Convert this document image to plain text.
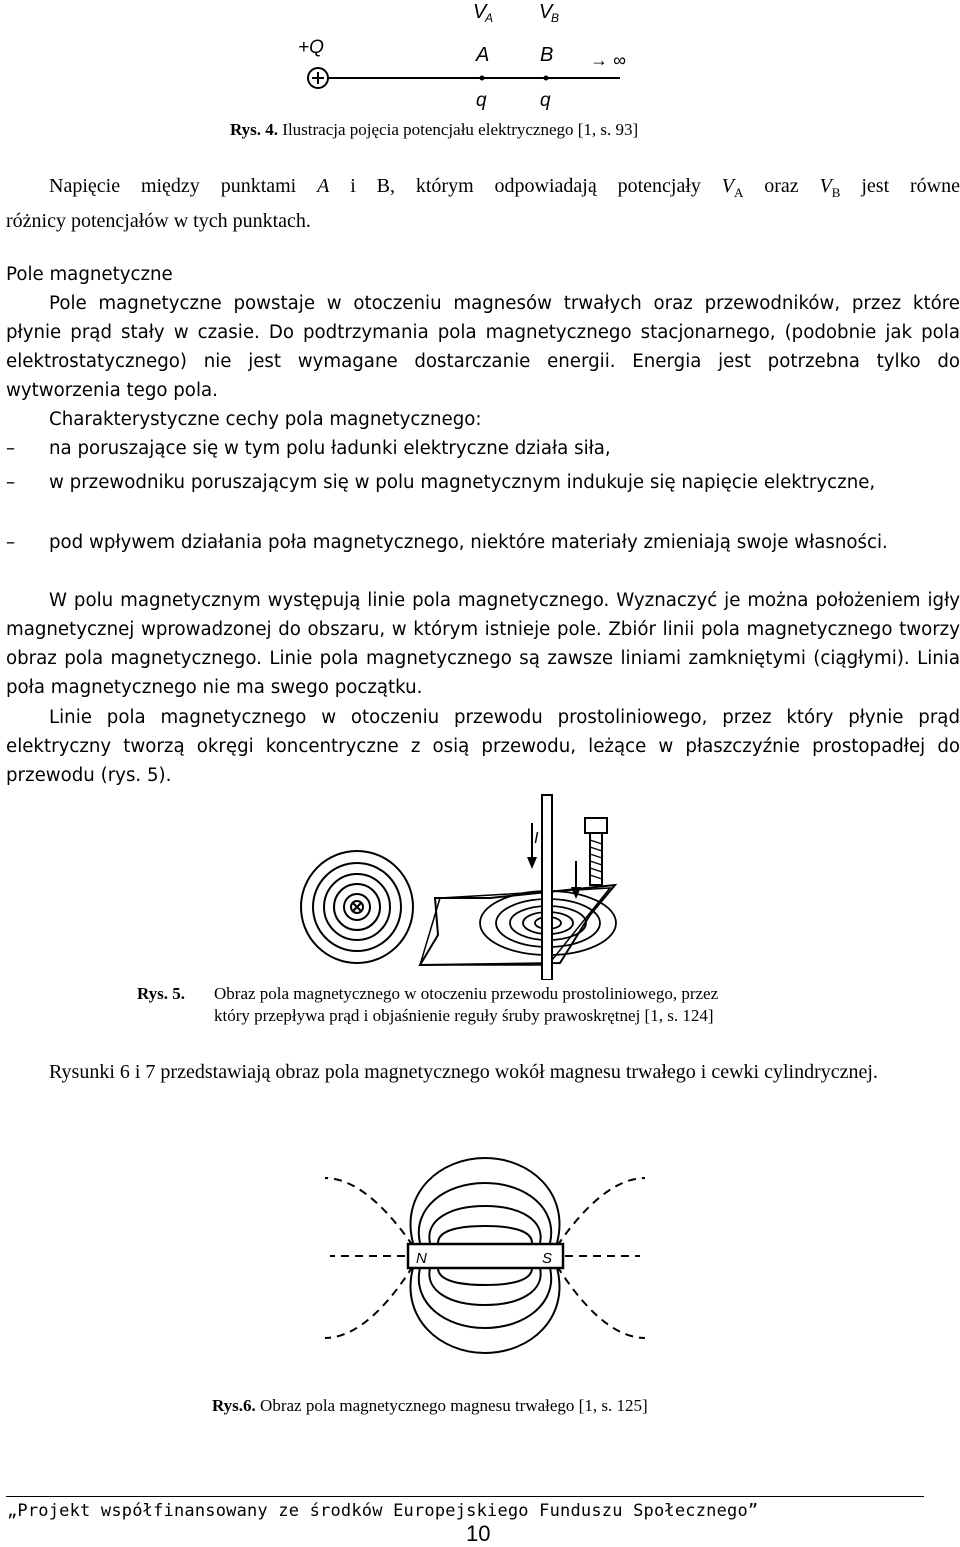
V
A V
B
+Q	A	B → ∞
q	q
Rys. 4. Ilustracja pojęcia potencjału elektrycznego [1, s. 93]
Napięcie między punktami A i B, którym odpowiadają potencjały $V_A$ oraz $V_B$ jest równe
różnicy potencjałów w tych punktach.
Pole magnetyczne
Pole magnetyczne powstaje w otoczeniu magnesów trwałych oraz przewodników, przez które płynie prąd stały w czasie. Do podtrzymania pola magnetycznego stacjonarnego, (podobnie jak pola elektrostatycznego) nie jest wymagane dostarczanie energii. Energia jest potrzebna tylko do wytworzenia tego pola.
Charakterystyczne cechy pola magnetycznego:
– na poruszające się w tym polu ładunki elektryczne działa siła,
– w przewodniku poruszającym się w polu magnetycznym indukuje się napięcie elektryczne,
– pod wpływem działania poła magnetycznego, niektóre materiały zmieniają swoje własności.
W polu magnetycznym występują linie pola magnetycznego. Wyznaczyć je można położeniem igły magnetycznej wprowadzonej do obszaru, w którym istnieje pole. Zbiór linii pola magnetycznego tworzy obraz pola magnetycznego. Linie pola magnetycznego są zawsze liniami zamkniętymi (ciągłymi). Linia poła magnetycznego nie ma swego początku.
Linie pola magnetycznego w otoczeniu przewodu prostoliniowego, przez który płynie prąd elektryczny tworzą okręgi koncentryczne z osią przewodu, leżące w płaszczyźnie prostopadłej do przewodu (rys. 5).
I
Rys. 5. Obraz pola magnetycznego w otoczeniu przewodu prostoliniowego, przez
który przepływa prąd i objaśnienie reguły śruby prawoskrętnej [1, s. 124]
Rysunki 6 i 7 przedstawiają obraz pola magnetycznego wokół magnesu trwałego i cewki cylindrycznej.
N	S
Rys.6. Obraz pola magnetycznego magnesu trwałego [1, s. 125]
„Projekt współfinansowany ze środków Europejskiego Funduszu Społecznego”
10
